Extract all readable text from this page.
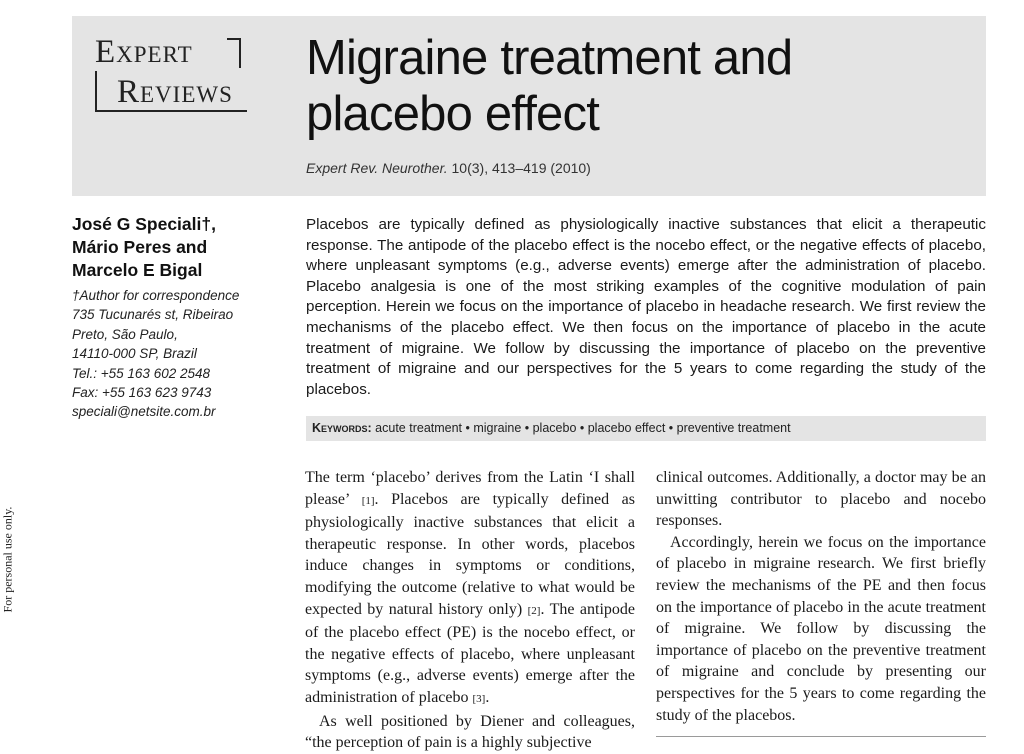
For personal use only.
Expert
Reviews
Migraine treatment and placebo effect
Expert Rev. Neurother. 10(3), 413–419 (2010)
José G Speciali†,
Mário Peres and
Marcelo E Bigal
†Author for correspondence
735 Tucunarés st, Ribeirao
Preto, São Paulo,
14110-000 SP, Brazil
Tel.: +55 163 602 2548
Fax: +55 163 623 9743
speciali@netsite.com.br

Placebos are typically defined as physiologically inactive substances that elicit a therapeutic response. The antipode of the placebo effect is the nocebo effect, or the negative effects of placebo, where unpleasant symptoms (e.g., adverse events) emerge after the administration of placebo. Placebo analgesia is one of the most striking examples of the cognitive modulation of pain perception. Herein we focus on the importance of placebo in headache research. We first review the mechanisms of the placebo effect. We then focus on the importance of placebo in the acute treatment of migraine. We follow by discussing the importance of placebo on the preventive treatment of migraine and our perspectives for the 5 years to come regarding the study of the placebos.

Keywords: acute treatment • migraine • placebo • placebo effect • preventive treatment

The term ‘placebo’ derives from the Latin ‘I shall please’ [1]. Placebos are typically defined as physiologically inactive substances that elicit a therapeutic response. In other words, placebos induce changes in symptoms or conditions, modifying the outcome (relative to what would be expected by natural history only) [2]. The antipode of the placebo effect (PE) is the nocebo effect, or the negative effects of placebo, where unpleasant symptoms (e.g., adverse events) emerge after the administration of placebo [3].

As well positioned by Diener and colleagues, “the perception of pain is a highly subjective

clinical outcomes. Additionally, a doctor may be an unwitting contributor to placebo and nocebo responses.

Accordingly, herein we focus on the importance of placebo in migraine research. We first briefly review the mechanisms of the PE and then focus on the importance of placebo in the acute treatment of migraine. We follow by discussing the importance of placebo on the preventive treatment of migraine and conclude by presenting our perspectives for the 5 years to come regarding the study of the placebos.
